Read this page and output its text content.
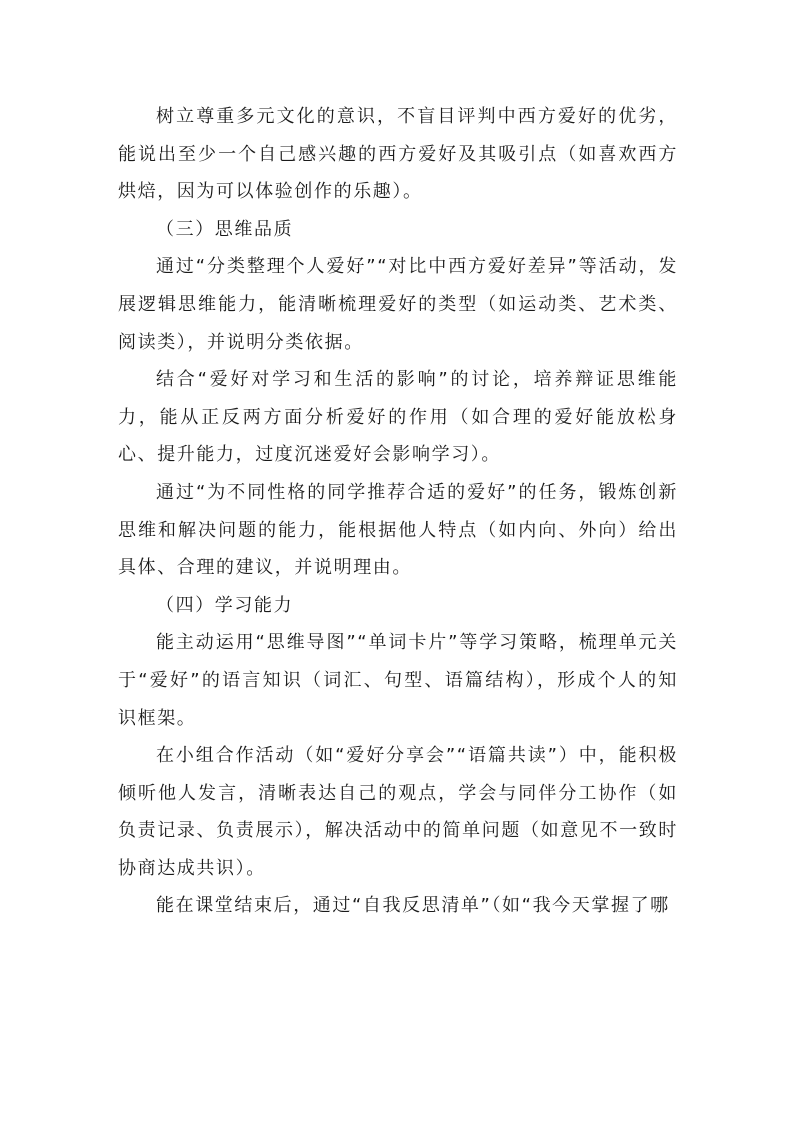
树立尊重多元文化的意识，不盲目评判中西方爱好的优劣，能说出至少一个自己感兴趣的西方爱好及其吸引点（如喜欢西方烘焙，因为可以体验创作的乐趣）。

（三）思维品质

通过“分类整理个人爱好”“对比中西方爱好差异”等活动，发展逻辑思维能力，能清晰梳理爱好的类型（如运动类、艺术类、阅读类），并说明分类依据。

结合“爱好对学习和生活的影响”的讨论，培养辩证思维能力，能从正反两方面分析爱好的作用（如合理的爱好能放松身心、提升能力，过度沉迷爱好会影响学习）。

通过“为不同性格的同学推荐合适的爱好”的任务，锻炼创新思维和解决问题的能力，能根据他人特点（如内向、外向）给出具体、合理的建议，并说明理由。

（四）学习能力

能主动运用“思维导图”“单词卡片”等学习策略，梳理单元关于“爱好”的语言知识（词汇、句型、语篇结构），形成个人的知识框架。

在小组合作活动（如“爱好分享会”“语篇共读”）中，能积极倾听他人发言，清晰表达自己的观点，学会与同伴分工协作（如负责记录、负责展示），解决活动中的简单问题（如意见不一致时协商达成共识）。

能在课堂结束后，通过“自我反思清单”（如“我今天掌握了哪
